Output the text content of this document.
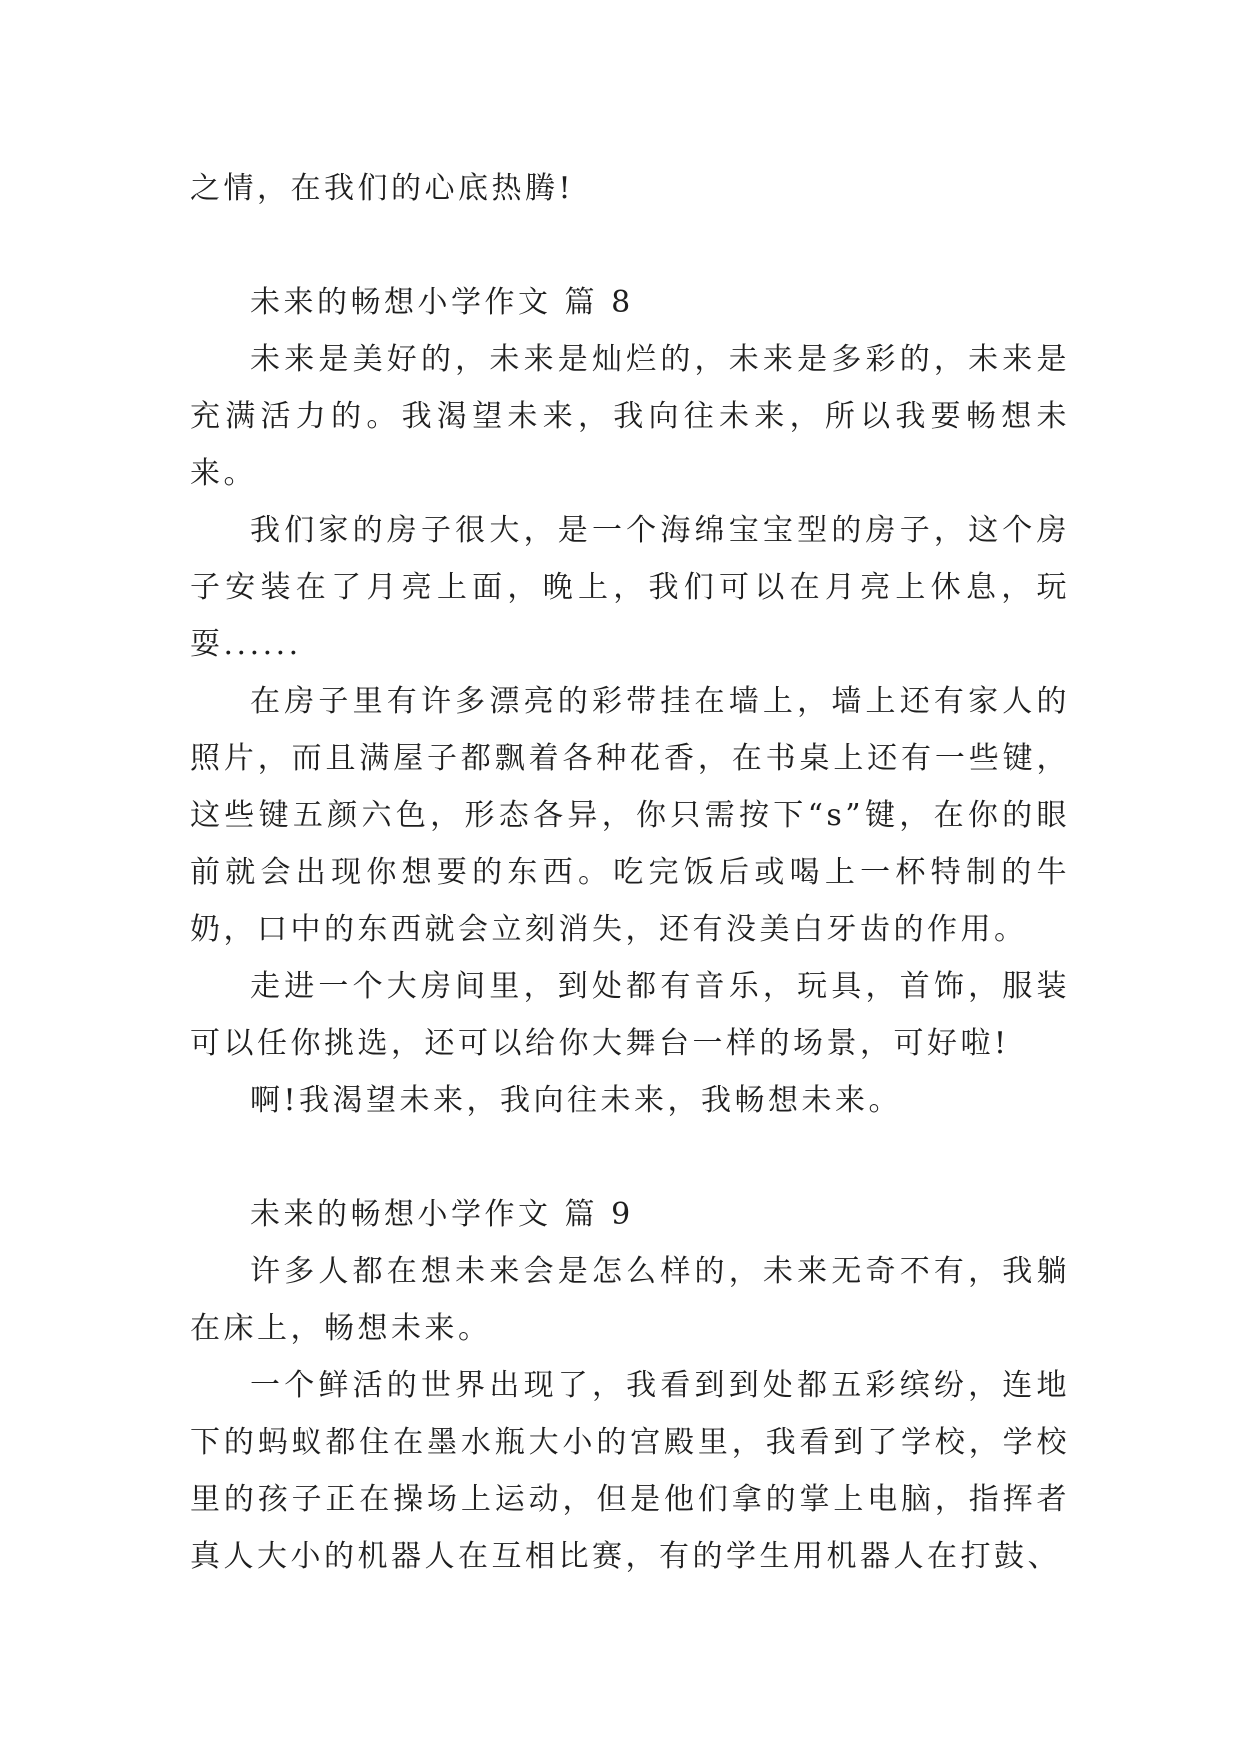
之情，在我们的心底热腾!

未来的畅想小学作文 篇 8

未来是美好的，未来是灿烂的，未来是多彩的，未来是充满活力的。我渴望未来，我向往未来，所以我要畅想未来。

我们家的房子很大，是一个海绵宝宝型的房子，这个房子安装在了月亮上面，晚上，我们可以在月亮上休息，玩耍......

在房子里有许多漂亮的彩带挂在墙上，墙上还有家人的照片，而且满屋子都飘着各种花香，在书桌上还有一些键，这些键五颜六色，形态各异，你只需按下“s”键，在你的眼前就会出现你想要的东西。吃完饭后或喝上一杯特制的牛奶，口中的东西就会立刻消失，还有没美白牙齿的作用。

走进一个大房间里，到处都有音乐，玩具，首饰，服装可以任你挑选，还可以给你大舞台一样的场景，可好啦!

啊!我渴望未来，我向往未来，我畅想未来。

未来的畅想小学作文 篇 9

许多人都在想未来会是怎么样的，未来无奇不有，我躺在床上，畅想未来。

一个鲜活的世界出现了，我看到到处都五彩缤纷，连地下的蚂蚁都住在墨水瓶大小的宫殿里，我看到了学校，学校里的孩子正在操场上运动，但是他们拿的掌上电脑，指挥者真人大小的机器人在互相比赛，有的学生用机器人在打鼓、
